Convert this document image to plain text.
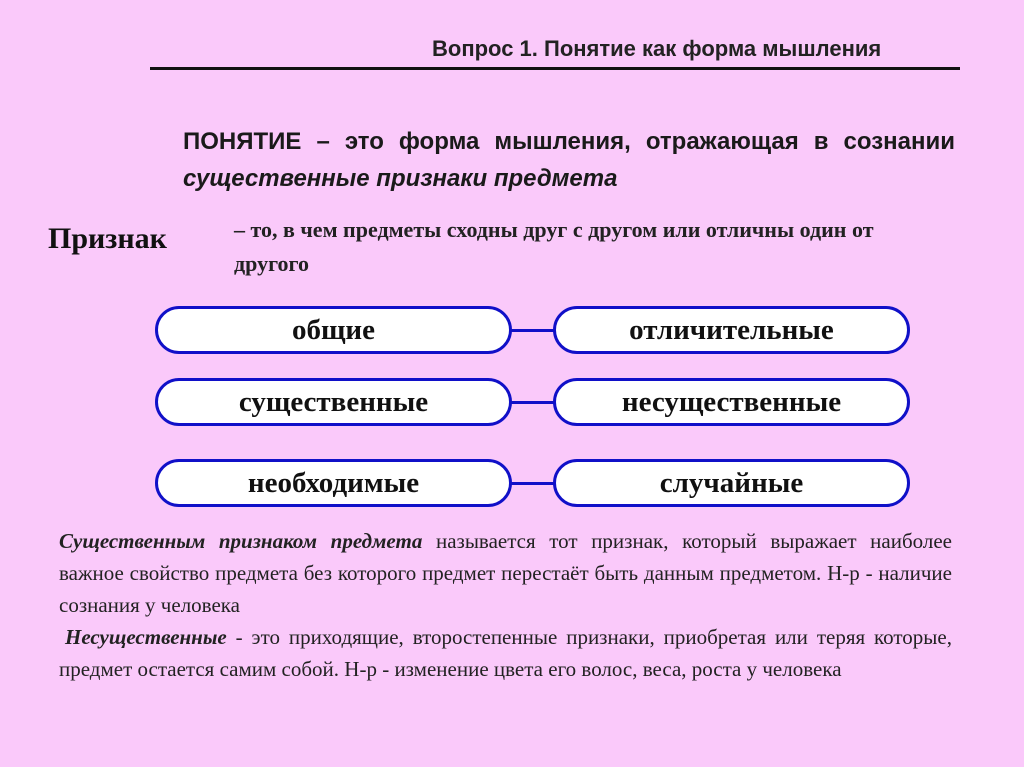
Вопрос 1. Понятие как форма мышления
ПОНЯТИЕ – это форма мышления, отражающая в сознании существенные признаки предмета
Признак	– то, в чем предметы сходны друг с другом или отличны один от другого
общие	отличительные
существенные	несущественные
необходимые	случайные

Существенным признаком предмета называется тот признак, который выражает наиболее важное свойство предмета без которого предмет перестаёт быть данным предметом. Н-р - наличие сознания у человека

Несущественные - это приходящие, второстепенные признаки, приобретая или теряя которые, предмет остается самим собой. Н-р - изменение цвета его волос, веса, роста у человека
